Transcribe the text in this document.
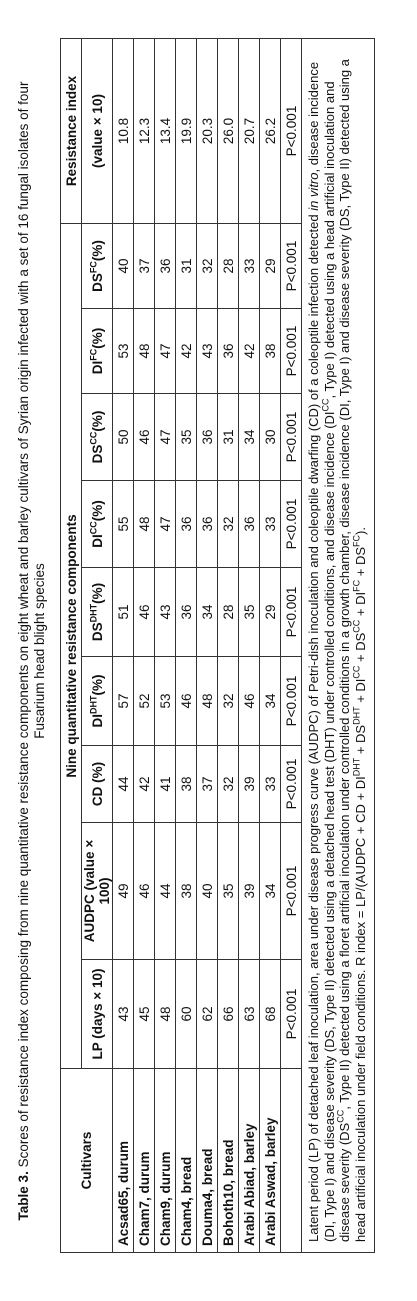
Table 3. Scores of resistance index composing from nine quantitative resistance components on eight wheat and barley cultivars of Syrian origin infected with a set of 16 fungal isolates of four Fusarium head blight species
Cultivars	Nine quantitative resistance components									Resistance index
	LP (days × 10)	AUDPC (value × 100)	CD (%)	$DI^{DHT}(\%)$	$DS^{DHT}(\%)$	$DI^{CC}(\%)$	$DS^{CC}(\%)$	$DI^{FC}(\%)$	$DS^{FC}(\%)$	(value × 10)
Acsad65, durum	43	49	44	57	51	55	50	53	40	10.8
Cham7, durum	45	46	42	52	46	48	46	48	37	12.3
Cham9, durum	48	44	41	53	43	47	47	47	36	13.4
Cham4, bread	60	38	38	46	36	36	35	42	31	19.9
Douma4, bread	62	40	37	48	34	36	36	43	32	20.3
Bohoth10, bread	66	35	32	32	28	32	31	36	28	26.0
Arabi Abiad, barley	63	39	39	46	35	36	34	42	33	20.7
Arabi Aswad, barley	68	34	33	34	29	33	30	38	29	26.2
	P<0.001	P<0.001	P<0.001	P<0.001	P<0.001	P<0.001	P<0.001	P<0.001	P<0.001	P<0.001
Latent period (LP) of detached leaf inoculation, area under disease progress curve (AUDPC) of Petri-dish inoculation and coleoptile dwarfing (CD) of a coleoptile infection detected in vitro, disease incidence (DI, Type I) and disease severity (DS, Type II) detected using a detached head test (DHT) under controlled conditions, and disease incidence ($DI^{CC}$, Type I) detected using a head artificial inoculation and disease severity ($DS^{CC}$, Type II) detected using a floret artificial inoculation under controlled conditions in a growth chamber, disease incidence (DI, Type I) and disease severity (DS, Type II) detected using a head artificial inoculation under field conditions. R index = LP/(AUDPC + CD + $DI^{DHT} + DS^{DHT} + DI^{CC} + DS^{CC} + DI^{FC} + DS^{FC}$).										
